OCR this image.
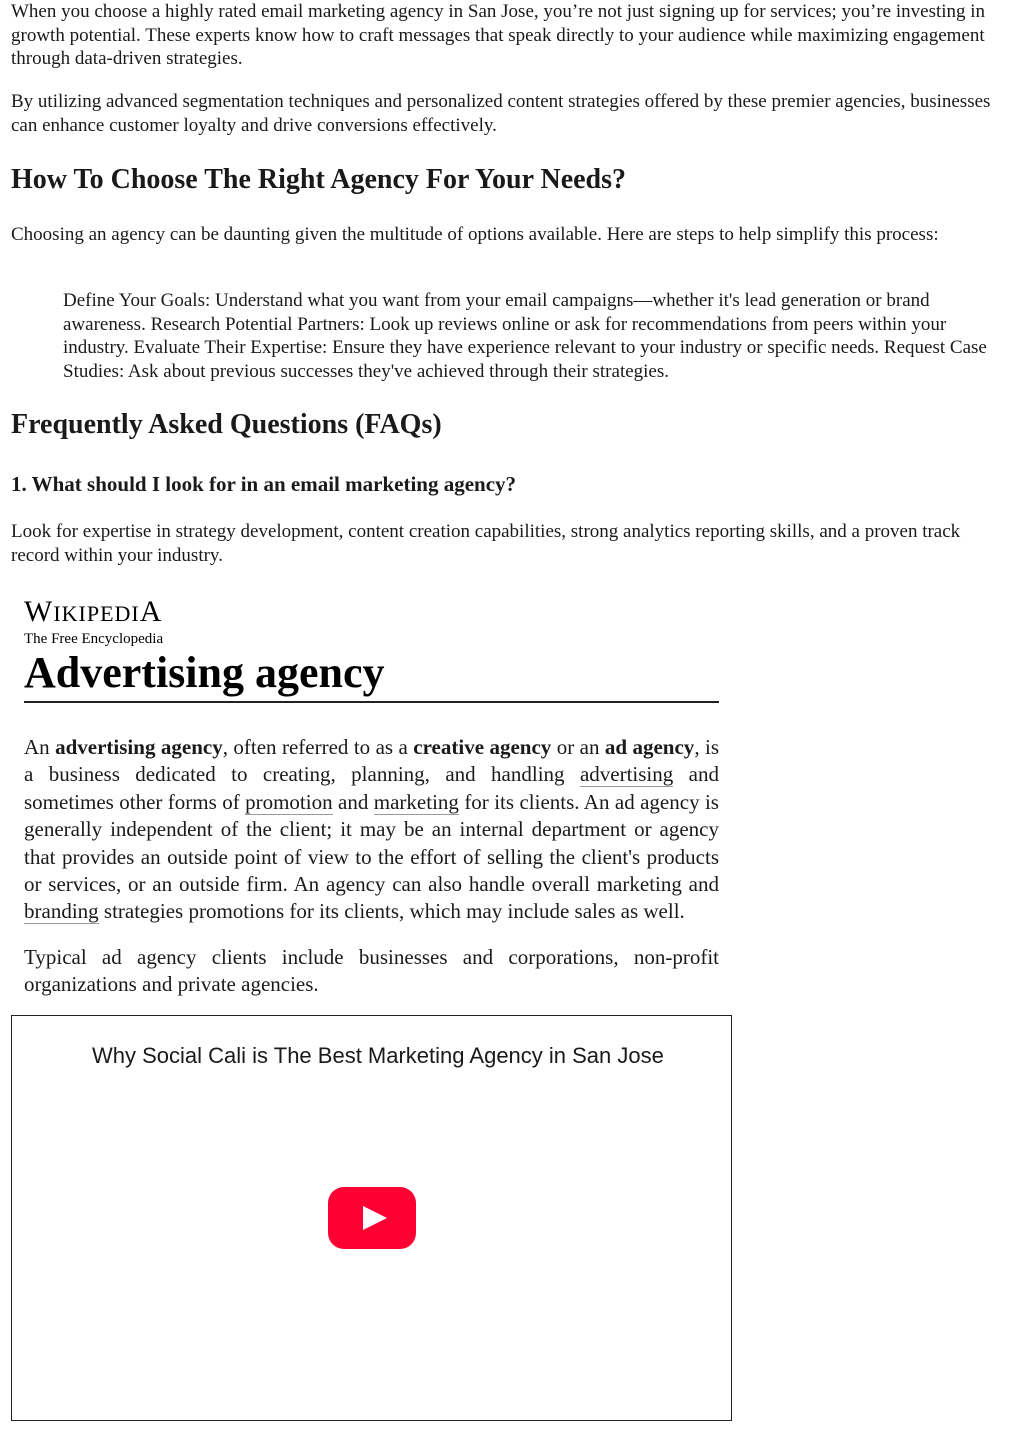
When you choose a highly rated email marketing agency in San Jose, you’re not just signing up for services; you’re investing in growth potential. These experts know how to craft messages that speak directly to your audience while maximizing engagement through data-driven strategies.

By utilizing advanced segmentation techniques and personalized content strategies offered by these premier agencies, businesses can enhance customer loyalty and drive conversions effectively.

How To Choose The Right Agency For Your Needs?

Choosing an agency can be daunting given the multitude of options available. Here are steps to help simplify this process:

Define Your Goals: Understand what you want from your email campaigns—whether it's lead generation or brand awareness. Research Potential Partners: Look up reviews online or ask for recommendations from peers within your industry. Evaluate Their Expertise: Ensure they have experience relevant to your industry or specific needs. Request Case Studies: Ask about previous successes they've achieved through their strategies.

Frequently Asked Questions (FAQs)
1. What should I look for in an email marketing agency?

Look for expertise in strategy development, content creation capabilities, strong analytics reporting skills, and a proven track record within your industry.

WIKIPEDIA
The Free Encyclopedia
Advertising agency

An advertising agency, often referred to as a creative agency or an ad agency, is a business dedicated to creating, planning, and handling advertising and sometimes other forms of promotion and marketing for its clients. An ad agency is generally independent of the client; it may be an internal department or agency that provides an outside point of view to the effort of selling the client's products or services, or an outside firm. An agency can also handle overall marketing and branding strategies promotions for its clients, which may include sales as well.

Typical ad agency clients include businesses and corporations, non-profit organizations and private agencies.

Why Social Cali is The Best Marketing Agency in San Jose
